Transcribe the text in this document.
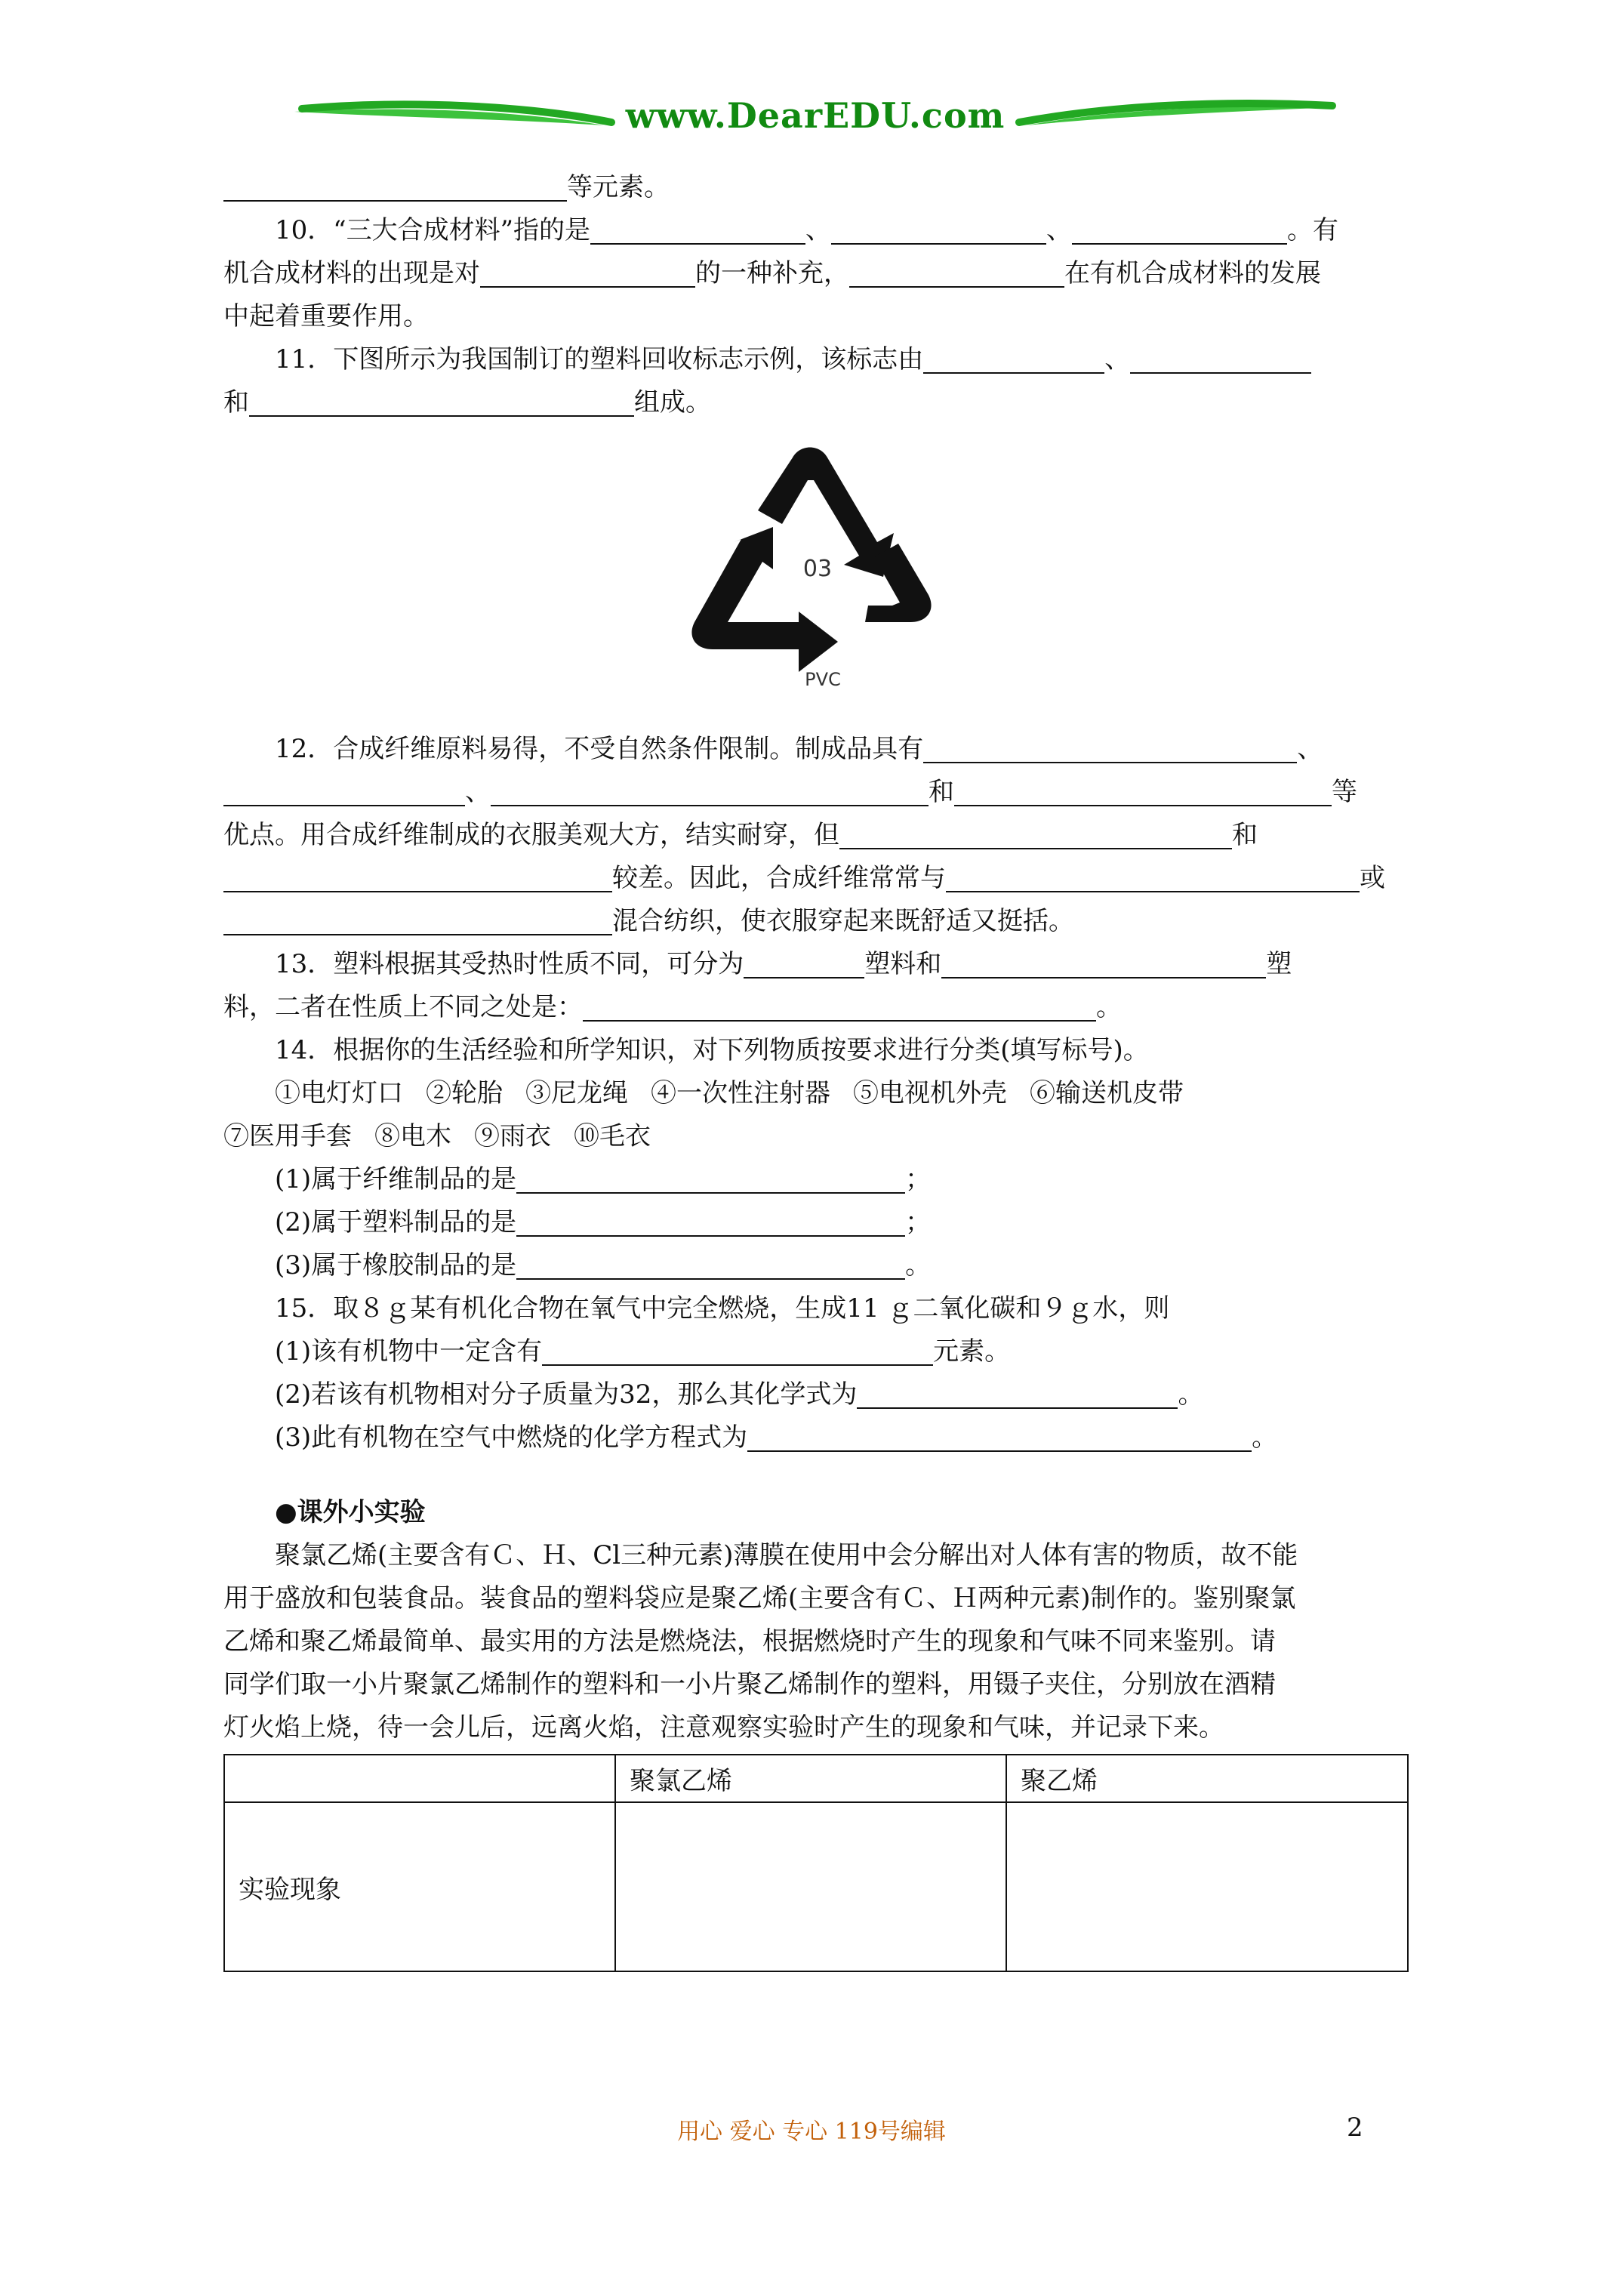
www.DearEDU.com
等元素。
10．“三大合成材料”指的是	、	、	。有
机合成材料的出现是对	的一种补充，	在有机合成材料的发展
中起着重要作用。
11．下图所示为我国制订的塑料回收标志示例，该标志由	、
和	组成。
03
PVC
12．合成纤维原料易得，不受自然条件限制。制成品具有	、
、	和	等
优点。用合成纤维制成的衣服美观大方，结实耐穿，但	和
较差。因此，合成纤维常常与	或
混合纺织，使衣服穿起来既舒适又挺括。
13．塑料根据其受热时性质不同，可分为	塑料和	塑
料，二者在性质上不同之处是：	。
14．根据你的生活经验和所学知识，对下列物质按要求进行分类(填写标号)。
①电灯灯口 ②轮胎 ③尼龙绳 ④一次性注射器 ⑤电视机外壳 ⑥输送机皮带
⑦医用手套 ⑧电木 ⑨雨衣 ⑩毛衣
(1)属于纤维制品的是	；
(2)属于塑料制品的是	；
(3)属于橡胶制品的是	。
15．取８ｇ某有机化合物在氧气中完全燃烧，生成11 ｇ二氧化碳和９ｇ水，则
(1)该有机物中一定含有	元素。
(2)若该有机物相对分子质量为32，那么其化学式为	。
(3)此有机物在空气中燃烧的化学方程式为	。
●课外小实验
聚氯乙烯(主要含有Ｃ、Ｈ、Cl三种元素)薄膜在使用中会分解出对人体有害的物质，故不能
用于盛放和包装食品。装食品的塑料袋应是聚乙烯(主要含有Ｃ、Ｈ两种元素)制作的。鉴别聚氯
乙烯和聚乙烯最简单、最实用的方法是燃烧法，根据燃烧时产生的现象和气味不同来鉴别。请
同学们取一小片聚氯乙烯制作的塑料和一小片聚乙烯制作的塑料，用镊子夹住，分别放在酒精
灯火焰上烧，待一会儿后，远离火焰，注意观察实验时产生的现象和气味，并记录下来。
	聚氯乙烯	聚乙烯
实验现象		
用心 爱心 专心 119号编辑	2
